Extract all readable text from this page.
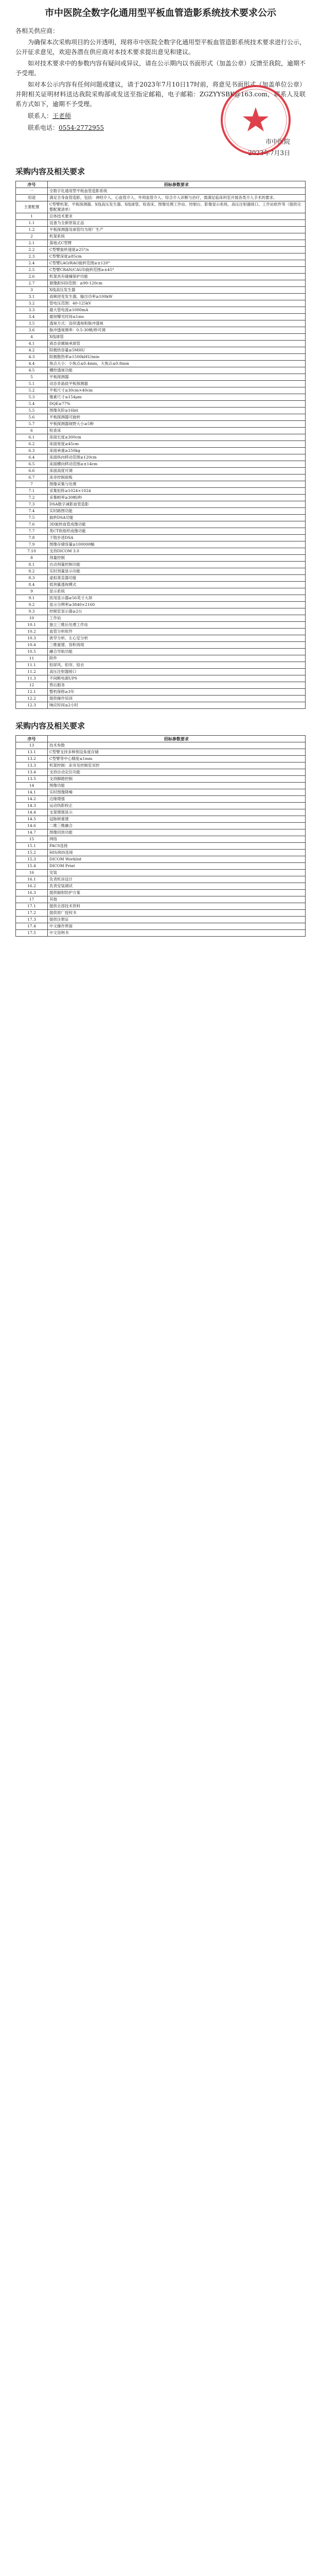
市中医院全数字化通用型平板血管造影系统技术要求公示

各相关供应商：

为确保本次采购项目的公开透明，现将市中医院全数字化通用型平板血管造影系统技术要求进行公示，公开征求意见，欢迎各潜在供应商对本技术要求提出意见和建议。

如对技术要求中的参数内容有疑问或异议，请在公示期内以书面形式（加盖公章）反馈至我院，逾期不予受理。

如对本公示内容有任何问题或建议，请于2023年7月10日17时前，将意见书面形式（加盖单位公章）并附相关证明材料送达我院采购部或发送至指定邮箱，电子邮箱：ZGZYYSBK@163.com，联系人及联系方式如下，逾期不予受理。

联系人：王老师
联系电话：0554-2772955
市中医院
2023年7月3日
采购内容及相关要求
序号	招标参数要求
一	全数字化通用型平板血管造影系统
用途	满足全身血管造影，包括：神经介入、心血管介入、外周血管介入、综合介入诊断与治疗，需满足临床科室开展各类介入手术的要求。
主要配置	C型臂机架、平板探测器、X线高压发生器、X线球管、检查床、图像处理工作站、控制台、影像显示系统、高压注射器接口、工作站软件等（提供完整配置清单）
1	总体技术要求
1.1	设备为全新原装正品
1.2	平板探测器及球管均为原厂生产
2	机架系统
2.1	落地式C型臂
2.2	C型臂旋转速度≥25°/s
2.3	C型臂深度≥85cm
2.4	C型臂LAO/RAO旋转范围≥±120°
2.5	C型臂CRAN/CAUD旋转范围≥±45°
2.6	机架具有碰撞保护功能
2.7	源像距SID范围：≥90-120cm
3	X线高压发生器
3.1	高频逆变发生器，输出功率≥100kW
3.2	管电压范围：40-125kV
3.3	最大管电流≥1000mA
3.4	最短曝光时间≤1ms
3.5	透视方式：连续透视和脉冲透视
3.6	脉冲透视频率：0.5-30帧/秒可调
4	X线球管
4.1	液态金属轴承球管
4.2	阳极热容量≥5MHU
4.3	阳极散热率≥1500kHU/min
4.4	焦点大小：小焦点≤0.4mm，大焦点≤0.8mm
4.5	栅控透视功能
5	平板探测器
5.1	动态非晶硅平板探测器
5.2	平板尺寸≥30cm×40cm
5.3	像素尺寸≤154μm
5.4	DQE≥77%
5.5	图像灰阶≥16bit
5.6	平板探测器可旋转
5.7	平板探测器视野大小≥5种
6	检查床
6.1	床面长度≥300cm
6.2	床面宽度≥45cm
6.3	床面承重≥250kg
6.4	床面纵向移动范围≥120cm
6.5	床面横向移动范围≥±14cm
6.6	床面高度可调
6.7	床旁控制面板
7	图像采集与处理
7.1	采集矩阵≥1024×1024
7.2	采集帧率≥30帧/秒
7.3	DSA数字减影血管造影
7.4	实时路图功能
7.5	旋转DSA功能
7.6	3D旋转血管成像功能
7.7	类CT软组织成像功能
7.8	下肢步进DSA
7.9	图像存储容量≥100000幅
7.10	支持DICOM 3.0
8	剂量控制
8.1	自动剂量控制功能
8.2	实时剂量显示功能
8.3	虚拟准直器功能
8.4	低剂量透视模式
9	显示系统
9.1	医用显示器≥56英寸大屏
9.2	显示分辨率≥3840×2160
9.3	控制室显示器≥2台
10	工作站
10.1	独立三维后处理工作站
10.2	血管分析软件
10.3	狭窄分析、左心室分析
10.4	三维重建、容积再现
10.5	融合导航功能
11	附件
11.1	铅屏风、铅帘、铅衣
11.2	高压注射器接口
11.3	不间断电源UPS
12	售后服务
12.1	整机保修≥3年
12.2	提供操作培训
12.3	响应时间≤2小时
采购内容及相关要求
序号	招标参数要求
13	技术参数
13.1	C型臂支持多种预设角度存储
13.2	C型臂等中心精度≤1mm
13.3	机架控制：床旁及控制室双控
13.4	支持自动定位功能
13.5	支持脚踏控制
14	图像功能
14.1	实时图像降噪
14.2	边缘增强
14.3	运动伪影校正
14.4	支架增强显示
14.5	冠脉树重建
14.6	二维三维融合
14.7	图像回放功能
15	网络
15.1	PACS连接
15.2	HIS/RIS连接
15.3	DICOM Worklist
15.4	DICOM Print
16	安装
16.1	负责机房设计
16.2	负责安装调试
16.3	提供辐射防护方案
17	其他
17.1	提供全部技术资料
17.2	提供原厂授权书
17.3	提供注册证
17.4	中文操作界面
17.5	中文说明书
